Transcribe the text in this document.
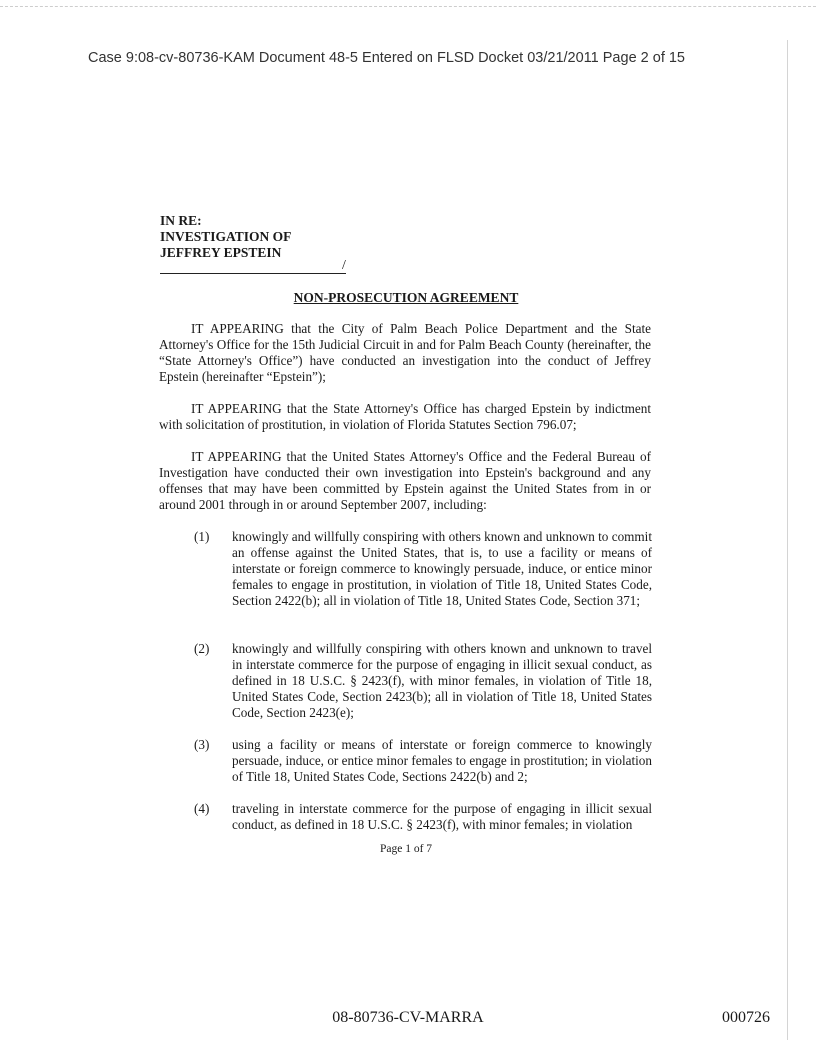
Case 9:08-cv-80736-KAM Document 48-5 Entered on FLSD Docket 03/21/2011 Page 2 of 15
IN RE:
INVESTIGATION OF
JEFFREY EPSTEIN
/
NON-PROSECUTION AGREEMENT

IT APPEARING that the City of Palm Beach Police Department and the State Attorney's Office for the 15th Judicial Circuit in and for Palm Beach County (hereinafter, the “State Attorney's Office”) have conducted an investigation into the conduct of Jeffrey Epstein (hereinafter “Epstein”);

IT APPEARING that the State Attorney's Office has charged Epstein by indictment with solicitation of prostitution, in violation of Florida Statutes Section 796.07;

IT APPEARING that the United States Attorney's Office and the Federal Bureau of Investigation have conducted their own investigation into Epstein's background and any offenses that may have been committed by Epstein against the United States from in or around 2001 through in or around September 2007, including:

(1) knowingly and willfully conspiring with others known and unknown to commit an offense against the United States, that is, to use a facility or means of interstate or foreign commerce to knowingly persuade, induce, or entice minor females to engage in prostitution, in violation of Title 18, United States Code, Section 2422(b); all in violation of Title 18, United States Code, Section 371;

(2) knowingly and willfully conspiring with others known and unknown to travel in interstate commerce for the purpose of engaging in illicit sexual conduct, as defined in 18 U.S.C. § 2423(f), with minor females, in violation of Title 18, United States Code, Section 2423(b); all in violation of Title 18, United States Code, Section 2423(e);

(3) using a facility or means of interstate or foreign commerce to knowingly persuade, induce, or entice minor females to engage in prostitution; in violation of Title 18, United States Code, Sections 2422(b) and 2;

(4) traveling in interstate commerce for the purpose of engaging in illicit sexual conduct, as defined in 18 U.S.C. § 2423(f), with minor females; in violation

Page 1 of 7
08-80736-CV-MARRA	000726
